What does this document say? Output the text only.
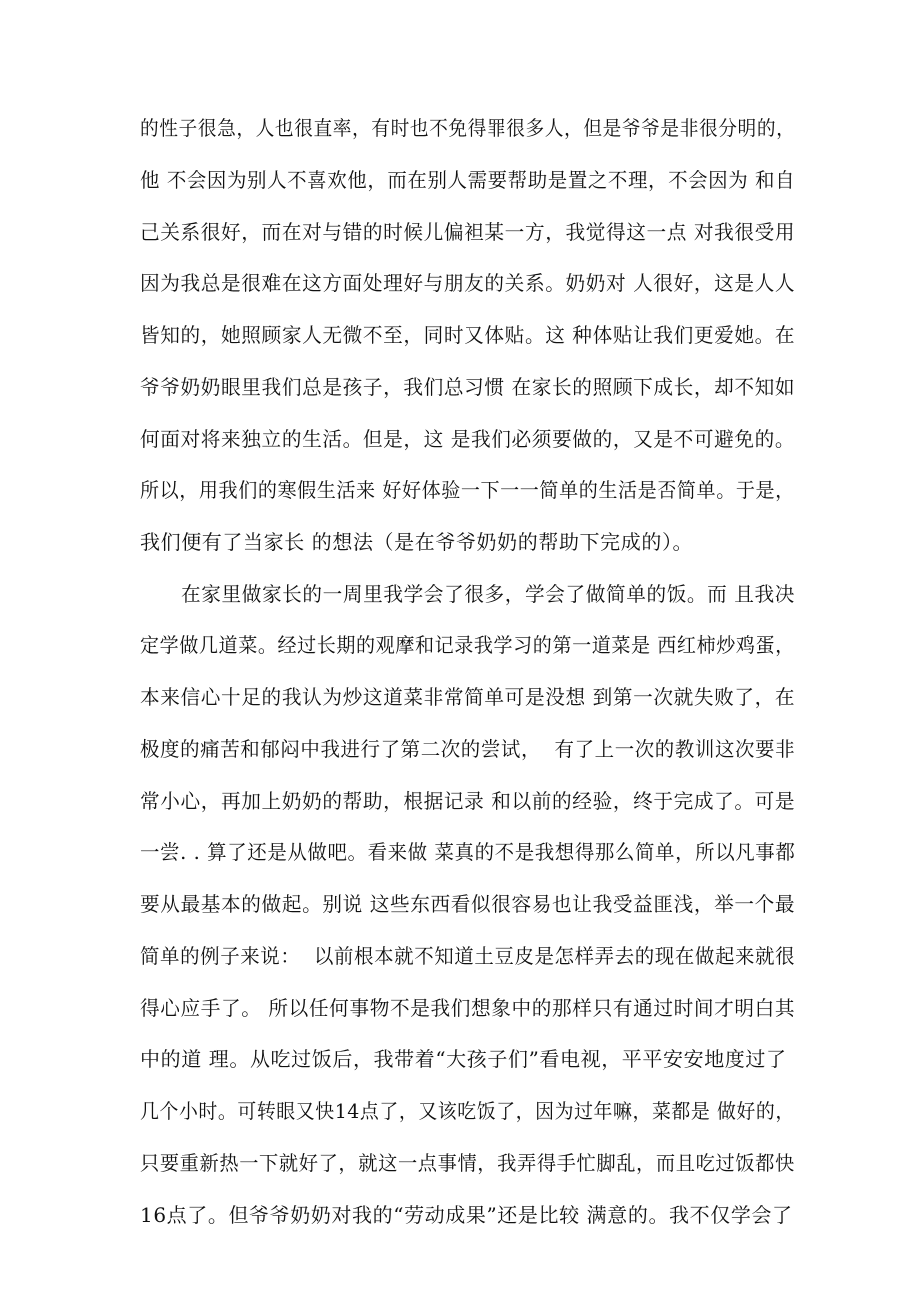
的性子很急，人也很直率，有时也不免得罪很多人，但是爷爷是非很分明的，
他 不会因为别人不喜欢他，而在别人需要帮助是置之不理，不会因为 和自
己关系很好，而在对与错的时候儿偏袒某一方，我觉得这一点 对我很受用
因为我总是很难在这方面处理好与朋友的关系。奶奶对 人很好，这是人人
皆知的，她照顾家人无微不至，同时又体贴。这 种体贴让我们更爱她。在
爷爷奶奶眼里我们总是孩子，我们总习惯 在家长的照顾下成长，却不知如
何面对将来独立的生活。但是，这 是我们必须要做的，又是不可避免的。
所以，用我们的寒假生活来 好好体验一下一一简单的生活是否简单。于是，
我们便有了当家长 的想法（是在爷爷奶奶的帮助下完成的）。
在家里做家长的一周里我学会了很多，学会了做简单的饭。而 且我决
定学做几道菜。经过长期的观摩和记录我学习的第一道菜是 西红柿炒鸡蛋，
本来信心十足的我认为炒这道菜非常简单可是没想 到第一次就失败了，在
极度的痛苦和郁闷中我进行了第二次的尝试，  有了上一次的教训这次要非
常小心，再加上奶奶的帮助，根据记录 和以前的经验，终于完成了。可是
一尝. . 算了还是从做吧。看来做 菜真的不是我想得那么简单，所以凡事都
要从最基本的做起。别说 这些东西看似很容易也让我受益匪浅，举一个最
简单的例子来说：  以前根本就不知道土豆皮是怎样弄去的现在做起来就很
得心应手了。 所以任何事物不是我们想象中的那样只有通过时间才明白其
中的道 理。从吃过饭后，我带着“大孩子们”看电视，平平安安地度过了
几个小时。可转眼又快14点了，又该吃饭了，因为过年嘛，菜都是 做好的，
只要重新热一下就好了，就这一点事情，我弄得手忙脚乱，而且吃过饭都快
16点了。但爷爷奶奶对我的“劳动成果”还是比较 满意的。我不仅学会了
